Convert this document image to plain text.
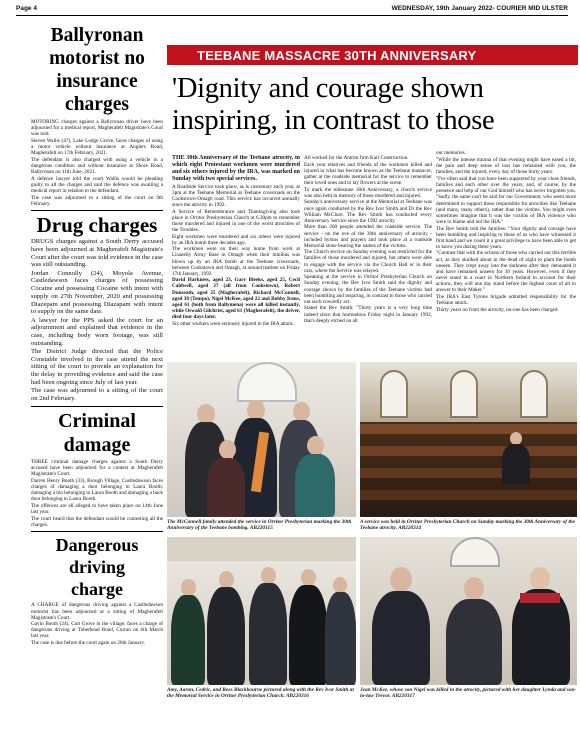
Page 4	WEDNESDAY, 19th January 2022- COURIER MID ULSTER
Ballyronan motorist no insurance charges

MOTORING charges against a Ballyronan driver have been adjourned for a medical report, Magherafelt Magistrate's Court was told.

Steven Wallis (47), Lake Lodge Grove, faces charges of using a motor vehicle without insurance at Anglers Road, Magherafelt on 17th February, 2021.

The defendant is also charged with using a vehicle in a dangerous condition and without insurance at Shore Road, Ballyronan on 11th June, 2021.

A defence lawyer told the court Wallis would be pleading guilty to all the charges and said the defence was awaiting a medical report in relation to the defendant.

The case was adjourned to a sitting of the court on 9th February.

Drug charges

DRUGS charges against a South Derry accused have been adjourned at Magherafelt Magistrate's Court after the court was told evidence in the case was still outstanding.

Jordan Connolly (24), Moyola Avenue, Castledawson faces charges of possessing Cocaine and possessing Cocaine with intent with supply on 27th November, 2020 and possessing Diazepam and possessing Diazapam with intent to supply on the same date.

A lawyer for the PPS asked the court for an adjournment and explained that evidence in the case, including body worn footage, was still outstanding.

The District Judge directed that the Police Constable involved in the case attend the next sitting of the court to provide an explanation for the delay in providing evidence and said the case had been ongoing since July of last year.

The case was adjourned to a sitting of the court on 2nd February.

Criminal damage

THREE criminal damage charges against a South Derry accused have been adjourned for a contest at Magherafelt Magistrate's Court.

Darren Henry Booth (33), Brough Village, Castledawson faces charges of damaging a door belonging to Laura Booth; damaging a bin belonging to Laura Booth and damaging a back door belonging to Laura Booth.

The offences are all alleged to have taken place on 14th June last year.

The court heard that the defendant would be contesting all the charges.

Dangerous driving charge

A CHARGE of dangerous driving against a Castledawson motorist has been adjourned at a sitting of Magherafelt Magistrate's Court.

Gavin Booth (24), Cult Grove in the village, faces a charge of dangerous driving at Toberhead Road, Curran on 6th March last year.

The case is due before the court again on 26th January.

TEEBANE MASSACRE 30TH ANNIVERSARY
'Dignity and courage shown
inspiring, in contrast to those

THE 30th Anniversary of the Teebane atrocity, in which eight Protestant workmen were murdered and six others injured by the IRA, was marked on Sunday with two special services.

A Roadside Service took place, as is customary each year, at 3pm at the Teebane Memorial at Teebane crossroads on the Cookstown-Omagh road. This service has occurred annually since the atrocity in 1992.

A Service of Remembrance and Thanksgiving also took place in Orritor Presbyterian Church at 6.30pm to remember those murdered and injured in one of the worst atrocities of the Troubles.

Eight workmen were murdered and six others were injured by an IRA bomb three decades ago.

The workmen were on their way home from work at Lisanelly Army Base in Omagh when their minibus was blown up by an IRA bomb at the Teebane crossroads, between Cookstown and Omagh, at around teatime on Friday 17th January, 1992.

David Harkness, aged 23, Gary Bleeks, aged 25, Cecil Caldwell, aged 37 (all from Cookstown), Robert Dunseath, aged 25 (Magherafelt), Richard McConnell, aged 38 (Tempo), Nigel McKee, aged 22 and Bobby Irons, aged 61 (both from Ballymena) were all killed instantly, while Oswald Gilchrist, aged 61 (Magherafelt), the driver, died four days later.

Six other workers were seriously injured in the IRA attack.

All worked for the Antrim firm Karl Construction.

Each year relatives and friends of the workmen killed and injured in what has become known as the Teebane massacre, gather at the roadside memorial for the service to remember their loved ones and to lay flowers at the scene.

To mark the milestone 30th Anniversary, a church service was also held in memory of those murdered and injured.

Sunday's anniversary service at the Memorial at Teebane was once again conducted by the Rev Ivor Smith and Dr the Rev William McClure. The Rev Smith has conducted every Anniversary Service since the 1992 atrocity.

More than 200 people attended the roadside service. The service - on the eve of the 30th anniversary of atrocity - included hymns and prayers and took place at a roadside Memorial stone bearing the names of the victims.

The Church service on Sunday evening was restricted for the families of those murdered and injured, but others were able to engage with the service via the Church Hall or in their cars, where the Service was relayed.

Speaking at the service in Orritor Presbyterian Church on Sunday evening, the Rev Ivor Smith said the dignity and courage shown by the families of the Teebane victims had been humbling and inspiring, in contrast to those who carried out such cowardly act.

Stated the Rev Smith: "Thirty years is a very long time indeed since that horrendous Friday night in January 1992, that's deeply etched on all

our memories.

"While the intense trauma of that evening might have eased a bit, the pain and deep sense of loss has remained with you, the families, and the injured, every day of those thirty years.

"I've often said that you have been supported by your close friends, families and each other over the years, and, of course, by the presence and help of our God himself who has never forgotten you.

"Sadly, the same can't be said for our Government, who seem more determined to support those responsible for atrocities like Teebane (and many, many others), rather than the victims. You might even sometimes imagine that it was the victims of IRA violence who were to blame and not the IRA."

The Rev Smith told the families: "Your dignity and courage have been humbling and inspiring to those of us who have witnessed it first hand and we count it a great privilege to have been able to get to know you during these years.

"Contrast that with the actions of those who carried out this terrible act, as they skulked about in the dead of night to plant the bomb unseen. They crept away into the darkness after they detonated it and have remained unseen for 30 years. However, even if they never stand in a court in Northern Ireland to account for their actions, they will one day stand before the highest court of all to answer to their Maker."

The IRA's East Tyrone brigade admitted responsibility for the Teebane attack.

Thirty years on from the atrocity, no-one has been charged.

The McConnell family attended the service in Orritor Presbyterian marking the 30th Anniversary of the Teebane bombing. AB220315
A service was held in Orritor Presbyterian Church on Sunday marking the 30th Anniversary of the Teebane atrocity. AB220314
Amy, Aaron, Cedric, and Ross Blackbourne pictured along with the Rev Ivor Smith at the Memorial Service in Orritor Presbyterian Church. AB220316
Jean McKee, whose son Nigel was killed in the atrocity, pictured with her daughter Lynda and son-in-law Trevor. AB220317
